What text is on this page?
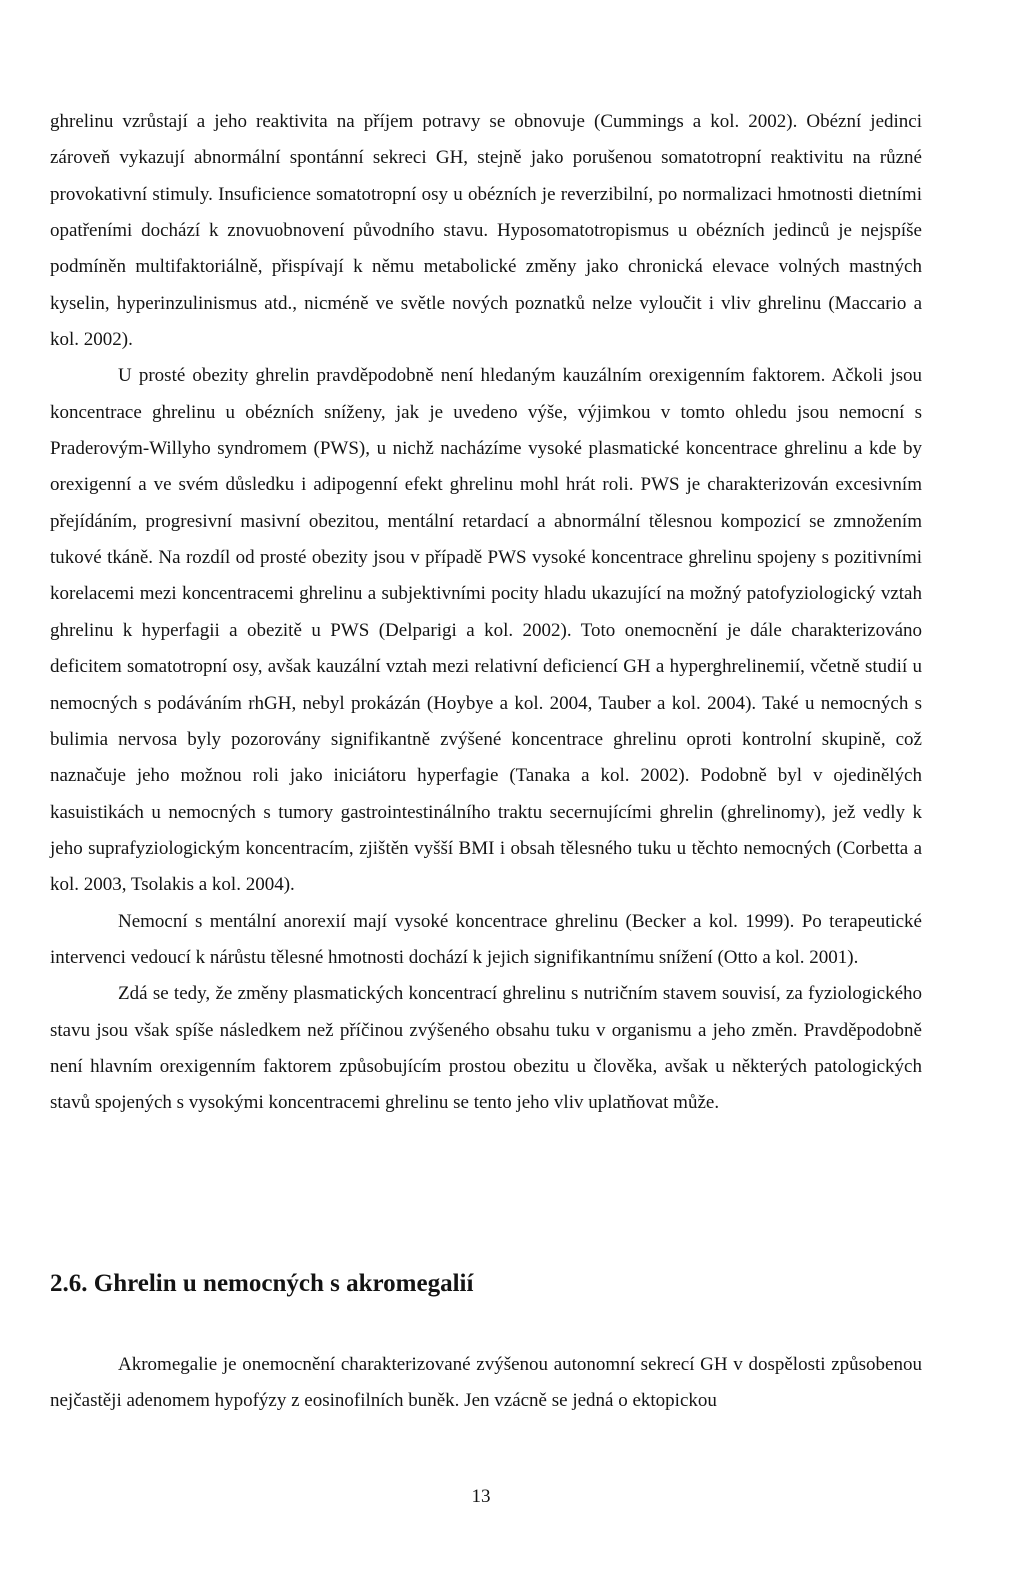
ghrelinu vzrůstají a jeho reaktivita na příjem potravy se obnovuje (Cummings a kol. 2002). Obézní jedinci zároveň vykazují abnormální spontánní sekreci GH, stejně jako porušenou somatotropní reaktivitu na různé provokativní stimuly. Insuficience somatotropní osy u obézních je reverzibilní, po normalizaci hmotnosti dietními opatřeními dochází k znovuobnovení původního stavu. Hyposomatotropismus u obézních jedinců je nejspíše podmíněn multifaktoriálně, přispívají k němu metabolické změny jako chronická elevace volných mastných kyselin, hyperinzulinismus atd., nicméně ve světle nových poznatků nelze vyloučit i vliv ghrelinu (Maccario a kol. 2002).

U prosté obezity ghrelin pravděpodobně není hledaným kauzálním orexigenním faktorem. Ačkoli jsou koncentrace ghrelinu u obézních sníženy, jak je uvedeno výše, výjimkou v tomto ohledu jsou nemocní s Praderovým-Willyho syndromem (PWS), u nichž nacházíme vysoké plasmatické koncentrace ghrelinu a kde by orexigenní a ve svém důsledku i adipogenní efekt ghrelinu mohl hrát roli. PWS je charakterizován excesivním přejídáním, progresivní masivní obezitou, mentální retardací a abnormální tělesnou kompozicí se zmnožením tukové tkáně. Na rozdíl od prosté obezity jsou v případě PWS vysoké koncentrace ghrelinu spojeny s pozitivními korelacemi mezi koncentracemi ghrelinu a subjektivními pocity hladu ukazující na možný patofyziologický vztah ghrelinu k hyperfagii a obezitě u PWS (Delparigi a kol. 2002). Toto onemocnění je dále charakterizováno deficitem somatotropní osy, avšak kauzální vztah mezi relativní deficiencí GH a hyperghrelinemií, včetně studií u nemocných s podáváním rhGH, nebyl prokázán (Hoybye a kol. 2004, Tauber a kol. 2004). Také u nemocných s bulimia nervosa byly pozorovány signifikantně zvýšené koncentrace ghrelinu oproti kontrolní skupině, což naznačuje jeho možnou roli jako iniciátoru hyperfagie (Tanaka a kol. 2002). Podobně byl v ojedinělých kasuistikách u nemocných s tumory gastrointestinálního traktu secernujícími ghrelin (ghrelinomy), jež vedly k jeho suprafyziologickým koncentracím, zjištěn vyšší BMI i obsah tělesného tuku u těchto nemocných (Corbetta a kol. 2003, Tsolakis a kol. 2004).

Nemocní s mentální anorexií mají vysoké koncentrace ghrelinu (Becker a kol. 1999). Po terapeutické intervenci vedoucí k nárůstu tělesné hmotnosti dochází k jejich signifikantnímu snížení (Otto a kol. 2001).

Zdá se tedy, že změny plasmatických koncentrací ghrelinu s nutričním stavem souvisí, za fyziologického stavu jsou však spíše následkem než příčinou zvýšeného obsahu tuku v organismu a jeho změn. Pravděpodobně není hlavním orexigenním faktorem způsobujícím prostou obezitu u člověka, avšak u některých patologických stavů spojených s vysokými koncentracemi ghrelinu se tento jeho vliv uplatňovat může.

2.6. Ghrelin u nemocných s akromegalií

Akromegalie je onemocnění charakterizované zvýšenou autonomní sekrecí GH v dospělosti způsobenou nejčastěji adenomem hypofýzy z eosinofilních buněk. Jen vzácně se jedná o ektopickou

13
